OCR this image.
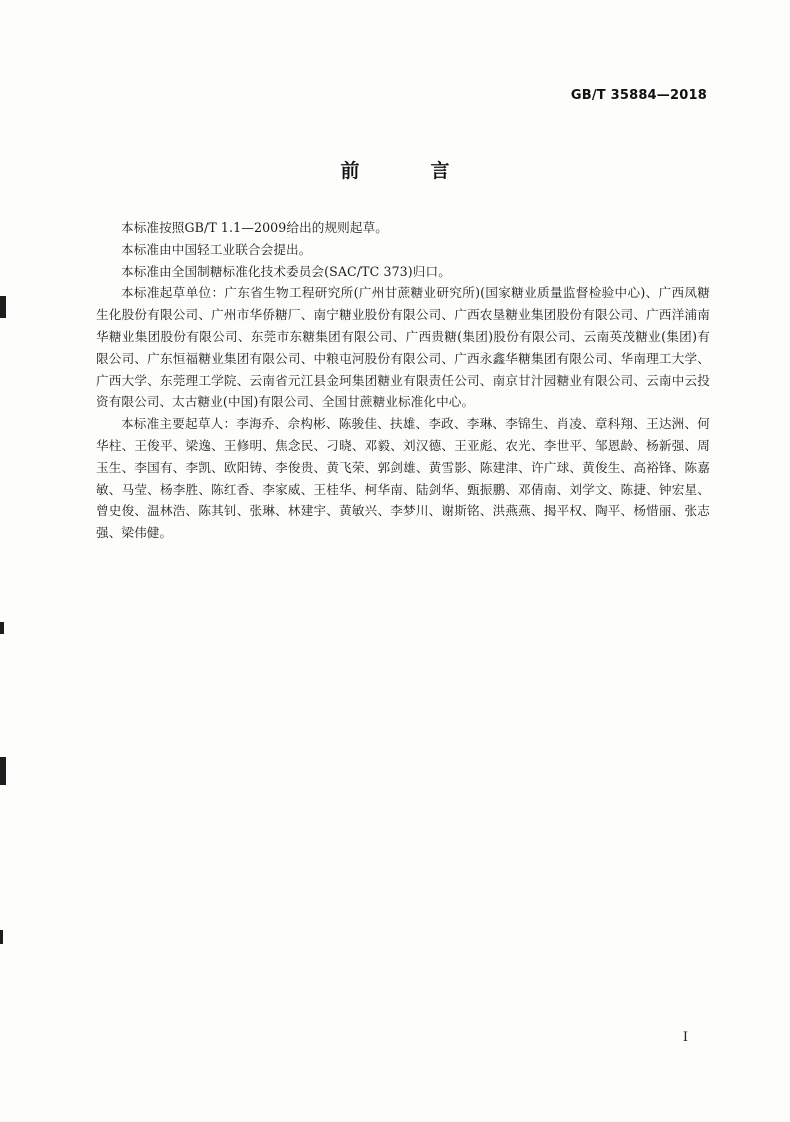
GB/T 35884—2018
前　言

本标准按照GB/T 1.1—2009给出的规则起草。

本标准由中国轻工业联合会提出。

本标准由全国制糖标准化技术委员会(SAC/TC 373)归口。

本标准起草单位：广东省生物工程研究所(广州甘蔗糖业研究所)(国家糖业质量监督检验中心)、广西凤糖生化股份有限公司、广州市华侨糖厂、南宁糖业股份有限公司、广西农垦糖业集团股份有限公司、广西洋浦南华糖业集团股份有限公司、东莞市东糖集团有限公司、广西贵糖(集团)股份有限公司、云南英茂糖业(集团)有限公司、广东恒福糖业集团有限公司、中粮屯河股份有限公司、广西永鑫华糖集团有限公司、华南理工大学、广西大学、东莞理工学院、云南省元江县金珂集团糖业有限责任公司、南京甘汁园糖业有限公司、云南中云投资有限公司、太古糖业(中国)有限公司、全国甘蔗糖业标准化中心。

本标准主要起草人：李海乔、佘构彬、陈骏佳、扶雄、李政、李琳、李锦生、肖凌、章科翔、王达洲、何华柱、王俊平、梁逸、王修明、焦念民、刁晓、邓毅、刘汉德、王亚彪、农光、李世平、邹恩龄、杨新强、周玉生、李国有、李凯、欧阳铸、李俊贵、黄飞荣、郭剑雄、黄雪影、陈建津、许广球、黄俊生、高裕锋、陈嘉敏、马莹、杨李胜、陈红香、李家威、王桂华、柯华南、陆剑华、甄振鹏、邓倩南、刘学文、陈捷、钟宏星、曾史俊、温林浩、陈其钊、张琳、林建宇、黄敏兴、李梦川、谢斯铭、洪燕燕、揭平权、陶平、杨惜丽、张志强、梁伟健。

I
